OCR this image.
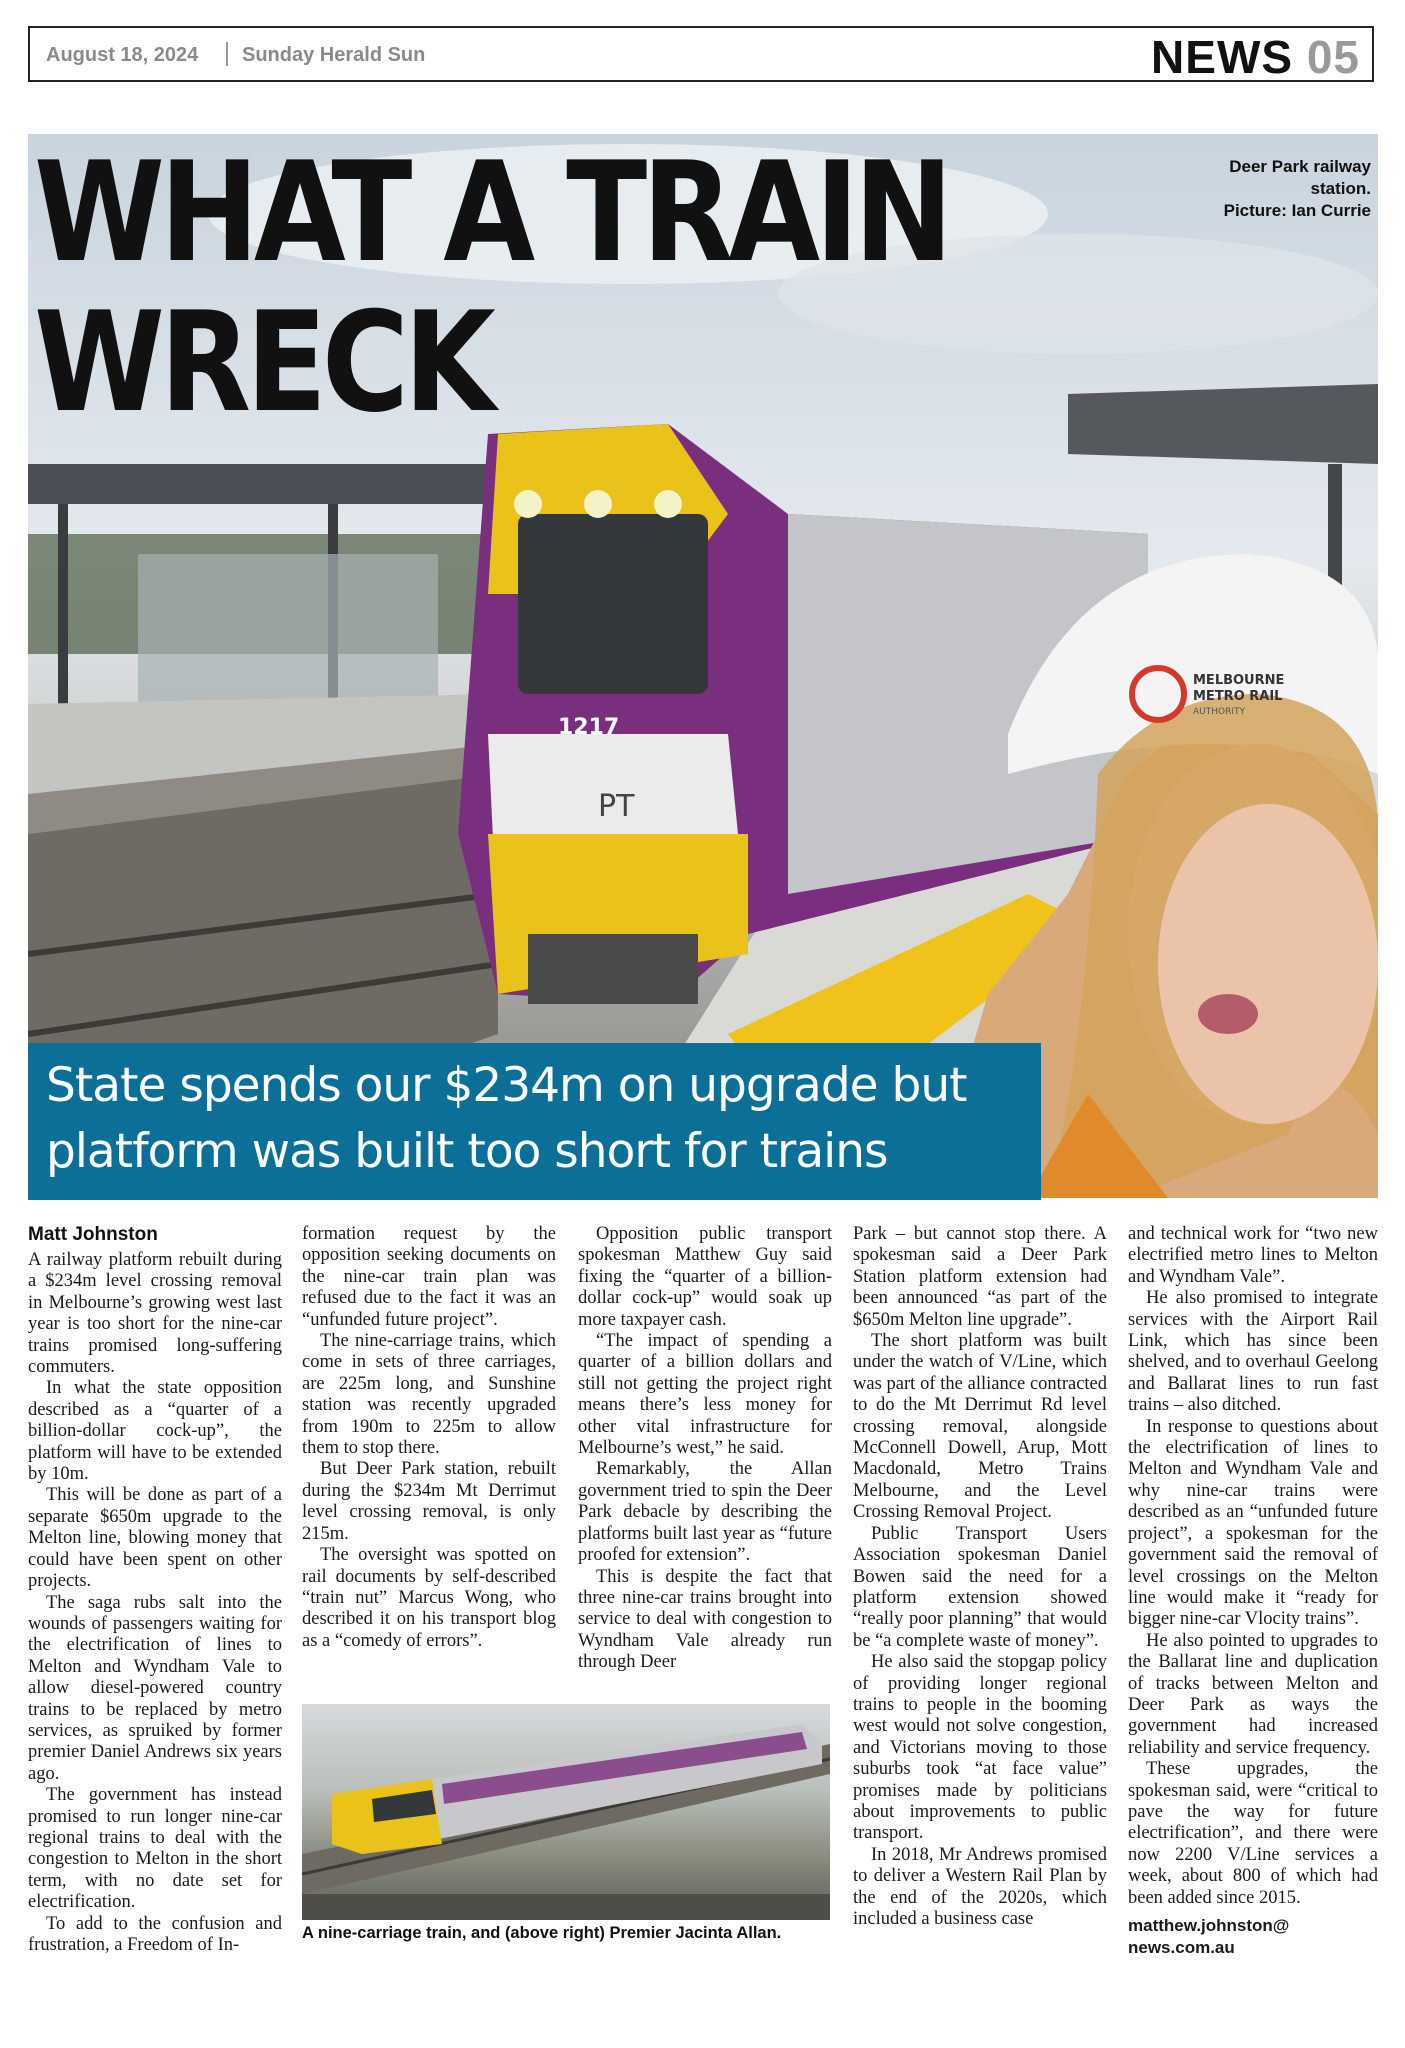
August 18, 2024 Sunday Herald Sun	NEWS 05
1217
PT
MELBOURNE
METRO RAIL
AUTHORITY
WHAT A TRAIN
WRECK
Deer Park railway
station.
Picture: Ian Currie
State spends our $234m on upgrade but
platform was built too short for trains
Matt Johnston

A railway platform rebuilt during a $234m level crossing removal in Melbourne’s growing west last year is too short for the nine-car trains promised long-suffering commuters.

In what the state opposition described as a “quarter of a billion-dollar cock-up”, the platform will have to be extended by 10m.

This will be done as part of a separate $650m upgrade to the Melton line, blowing money that could have been spent on other projects.

The saga rubs salt into the wounds of passengers waiting for the electrification of lines to Melton and Wyndham Vale to allow diesel-powered country trains to be replaced by metro services, as spruiked by former premier Daniel Andrews six years ago.

The government has instead promised to run longer nine-car regional trains to deal with the congestion to Melton in the short term, with no date set for electrification.

To add to the confusion and frustration, a Freedom of In-

formation request by the opposition seeking documents on the nine-car train plan was refused due to the fact it was an “unfunded future project”.

The nine-carriage trains, which come in sets of three carriages, are 225m long, and Sunshine station was recently upgraded from 190m to 225m to allow them to stop there.

But Deer Park station, rebuilt during the $234m Mt Derrimut level crossing removal, is only 215m.

The oversight was spotted on rail documents by self-described “train nut” Marcus Wong, who described it on his transport blog as a “comedy of errors”.

Opposition public transport spokesman Matthew Guy said fixing the “quarter of a billion-dollar cock-up” would soak up more taxpayer cash.

“The impact of spending a quarter of a billion dollars and still not getting the project right means there’s less money for other vital infrastructure for Melbourne’s west,” he said.

Remarkably, the Allan government tried to spin the Deer Park debacle by describing the platforms built last year as “future proofed for extension”.

This is despite the fact that three nine-car trains brought into service to deal with congestion to Wyndham Vale already run through Deer

Park – but cannot stop there. A spokesman said a Deer Park Station platform extension had been announced “as part of the $650m Melton line upgrade”.

The short platform was built under the watch of V/Line, which was part of the alliance contracted to do the Mt Derrimut Rd level crossing removal, alongside McConnell Dowell, Arup, Mott Macdonald, Metro Trains Melbourne, and the Level Crossing Removal Project.

Public Transport Users Association spokesman Daniel Bowen said the need for a platform extension showed “really poor planning” that would be “a complete waste of money”.

He also said the stopgap policy of providing longer regional trains to people in the booming west would not solve congestion, and Victorians moving to those suburbs took “at face value” promises made by politicians about improvements to public transport.

In 2018, Mr Andrews promised to deliver a Western Rail Plan by the end of the 2020s, which included a business case

and technical work for “two new electrified metro lines to Melton and Wyndham Vale”.

He also promised to integrate services with the Airport Rail Link, which has since been shelved, and to overhaul Geelong and Ballarat lines to run fast trains – also ditched.

In response to questions about the electrification of lines to Melton and Wyndham Vale and why nine-car trains were described as an “unfunded future project”, a spokesman for the government said the removal of level crossings on the Melton line would make it “ready for bigger nine-car Vlocity trains”.

He also pointed to upgrades to the Ballarat line and duplication of tracks between Melton and Deer Park as ways the government had increased reliability and service frequency.

These upgrades, the spokesman said, were “critical to pave the way for future electrification”, and there were now 2200 V/Line services a week, about 800 of which had been added since 2015.

matthew.johnston@
news.com.au
A nine-carriage train, and (above right) Premier Jacinta Allan.
